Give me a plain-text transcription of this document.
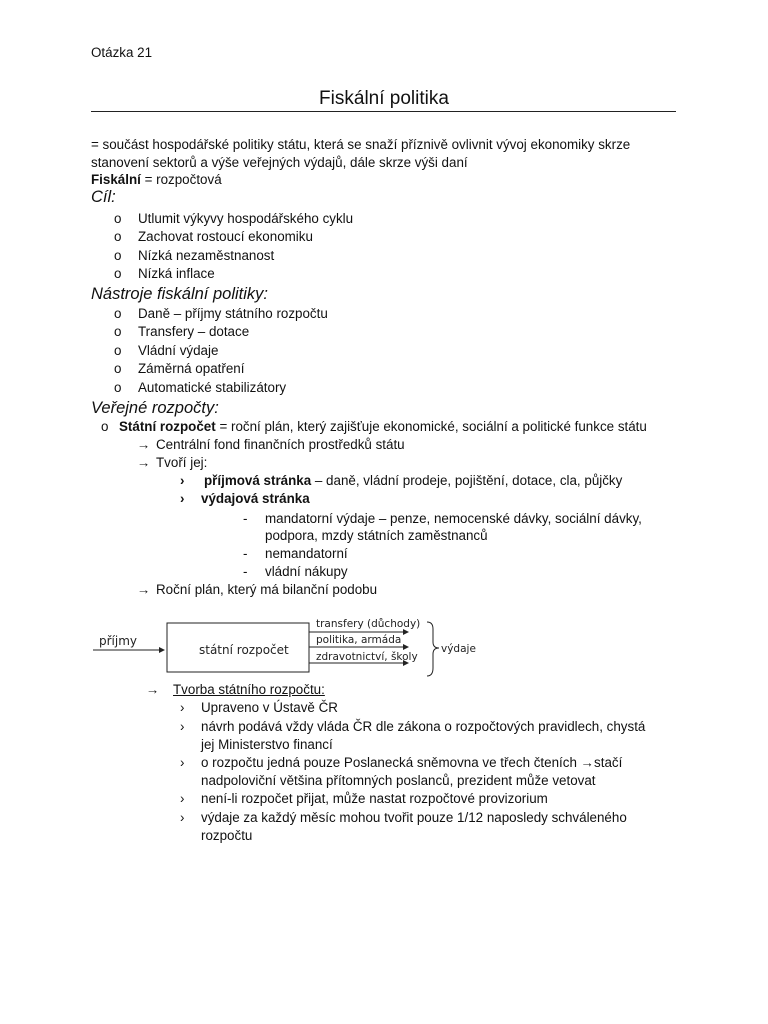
Otázka 21
Fiskální politika
= součást hospodářské politiky státu, která se snaží příznivě ovlivnit vývoj ekonomiky skrze
stanovení sektorů a výše veřejných výdajů, dále skrze výši daní
Fiskální = rozpočtová
Cíl:
o Utlumit výkyvy hospodářského cyklu
o Zachovat rostoucí ekonomiku
o Nízká nezaměstnanost
o Nízká inflace
Nástroje fiskální politiky:
o Daně – příjmy státního rozpočtu
o Transfery – dotace
o Vládní výdaje
o Záměrná opatření
o Automatické stabilizátory
Veřejné rozpočty:
o Státní rozpočet = roční plán, který zajišťuje ekonomické, sociální a politické funkce státu
→ Centrální fond finančních prostředků státu
→ Tvoří jej:
› příjmová stránka – daně, vládní prodeje, pojištění, dotace, cla, půjčky
› výdajová stránka
- mandatorní výdaje – penze, nemocenské dávky, sociální dávky,
podpora, mzdy státních zaměstnanců
- nemandatorní
- vládní nákupy
→ Roční plán, který má bilanční podobu
příjmy
státní rozpočet
transfery (důchody)
politika, armáda
zdravotnictví, školy
výdaje
→ Tvorba státního rozpočtu:
› Upraveno v Ústavě ČR
› návrh podává vždy vláda ČR dle zákona o rozpočtových pravidlech, chystá
jej Ministerstvo financí
› o rozpočtu jedná pouze Poslanecká sněmovna ve třech čteních →stačí
nadpoloviční většina přítomných poslanců, prezident může vetovat
› není-li rozpočet přijat, může nastat rozpočtové provizorium
› výdaje za každý měsíc mohou tvořit pouze 1/12 naposledy schváleného
rozpočtu
